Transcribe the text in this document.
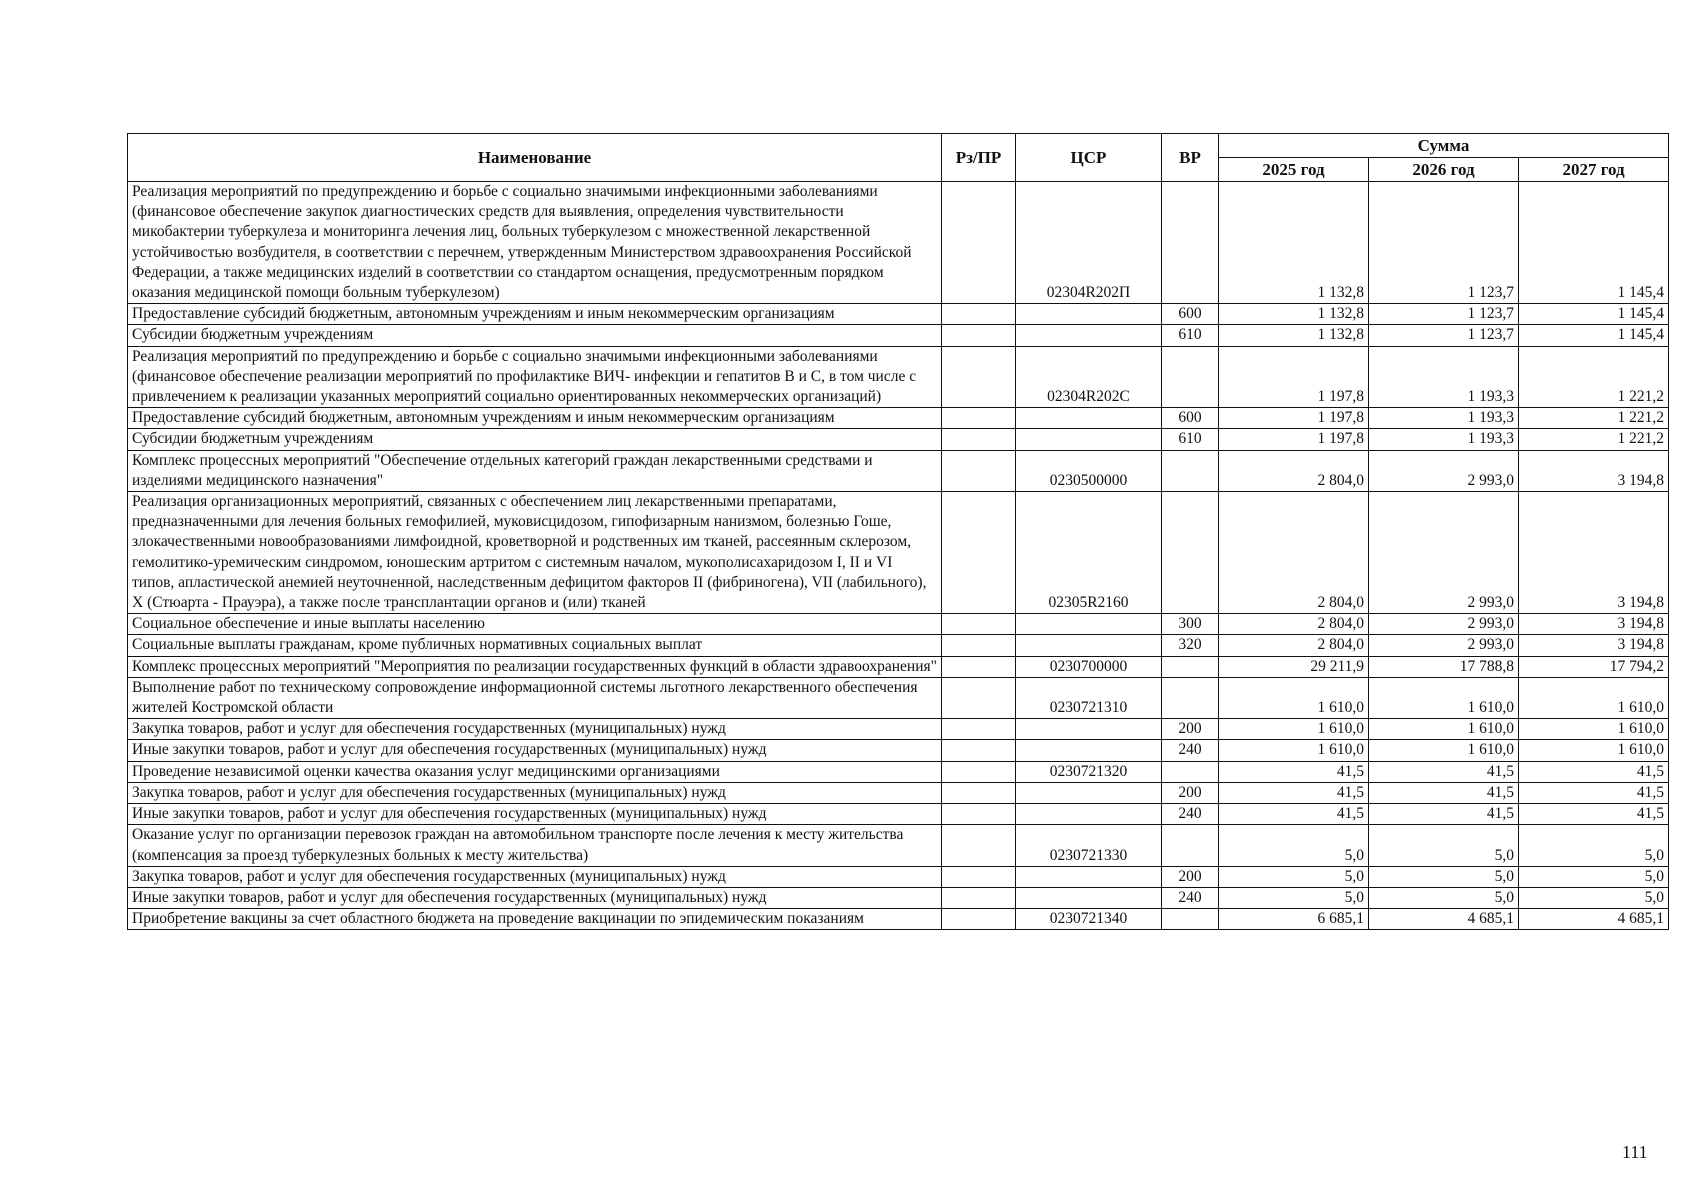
Наименование	Рз/ПР	ЦСР	ВР	Сумма		
				2025 год	2026 год	2027 год
Реализация мероприятий по предупреждению и борьбе с социально значимыми инфекционными заболеваниями (финансовое обеспечение закупок диагностических средств для выявления, определения чувствительности микобактерии туберкулеза и мониторинга лечения лиц, больных туберкулезом с множественной лекарственной устойчивостью возбудителя, в соответствии с перечнем, утвержденным Министерством здравоохранения Российской Федерации, а также медицинских изделий в соответствии со стандартом оснащения, предусмотренным порядком оказания медицинской помощи больным туберкулезом)		02304R202П		1 132,8	1 123,7	1 145,4
Предоставление субсидий бюджетным, автономным учреждениям и иным некоммерческим организациям			600	1 132,8	1 123,7	1 145,4
Субсидии бюджетным учреждениям			610	1 132,8	1 123,7	1 145,4
Реализация мероприятий по предупреждению и борьбе с социально значимыми инфекционными заболеваниями (финансовое обеспечение реализации мероприятий по профилактике ВИЧ- инфекции и гепатитов В и С, в том числе с привлечением к реализации указанных мероприятий социально ориентированных некоммерческих организаций)		02304R202С		1 197,8	1 193,3	1 221,2
Предоставление субсидий бюджетным, автономным учреждениям и иным некоммерческим организациям			600	1 197,8	1 193,3	1 221,2
Субсидии бюджетным учреждениям			610	1 197,8	1 193,3	1 221,2
Комплекс процессных мероприятий "Обеспечение отдельных категорий граждан лекарственными средствами и изделиями медицинского назначения"		0230500000		2 804,0	2 993,0	3 194,8
Реализация организационных мероприятий, связанных с обеспечением лиц лекарственными препаратами, предназначенными для лечения больных гемофилией, муковисцидозом, гипофизарным нанизмом, болезнью Гоше, злокачественными новообразованиями лимфоидной, кроветворной и родственных им тканей, рассеянным склерозом, гемолитико-уремическим синдромом, юношеским артритом с системным началом, мукополисахаридозом I, II и VI типов, апластической анемией неуточненной, наследственным дефицитом факторов II (фибриногена), VII (лабильного), X (Стюарта - Прауэра), а также после трансплантации органов и (или) тканей		02305R2160		2 804,0	2 993,0	3 194,8
Социальное обеспечение и иные выплаты населению			300	2 804,0	2 993,0	3 194,8
Социальные выплаты гражданам, кроме публичных нормативных социальных выплат			320	2 804,0	2 993,0	3 194,8
Комплекс процессных мероприятий "Мероприятия по реализации государственных функций в области здравоохранения"		0230700000		29 211,9	17 788,8	17 794,2
Выполнение работ по техническому сопровождение информационной системы льготного лекарственного обеспечения жителей Костромской области		0230721310		1 610,0	1 610,0	1 610,0
Закупка товаров, работ и услуг для обеспечения государственных (муниципальных) нужд			200	1 610,0	1 610,0	1 610,0
Иные закупки товаров, работ и услуг для обеспечения государственных (муниципальных) нужд			240	1 610,0	1 610,0	1 610,0
Проведение независимой оценки качества оказания услуг медицинскими организациями		0230721320		41,5	41,5	41,5
Закупка товаров, работ и услуг для обеспечения государственных (муниципальных) нужд			200	41,5	41,5	41,5
Иные закупки товаров, работ и услуг для обеспечения государственных (муниципальных) нужд			240	41,5	41,5	41,5
Оказание услуг по организации перевозок граждан на автомобильном транспорте после лечения к месту жительства (компенсация за проезд туберкулезных больных к месту жительства)		0230721330		5,0	5,0	5,0
Закупка товаров, работ и услуг для обеспечения государственных (муниципальных) нужд			200	5,0	5,0	5,0
Иные закупки товаров, работ и услуг для обеспечения государственных (муниципальных) нужд			240	5,0	5,0	5,0
Приобретение вакцины за счет областного бюджета на проведение вакцинации по эпидемическим показаниям		0230721340		6 685,1	4 685,1	4 685,1
111
